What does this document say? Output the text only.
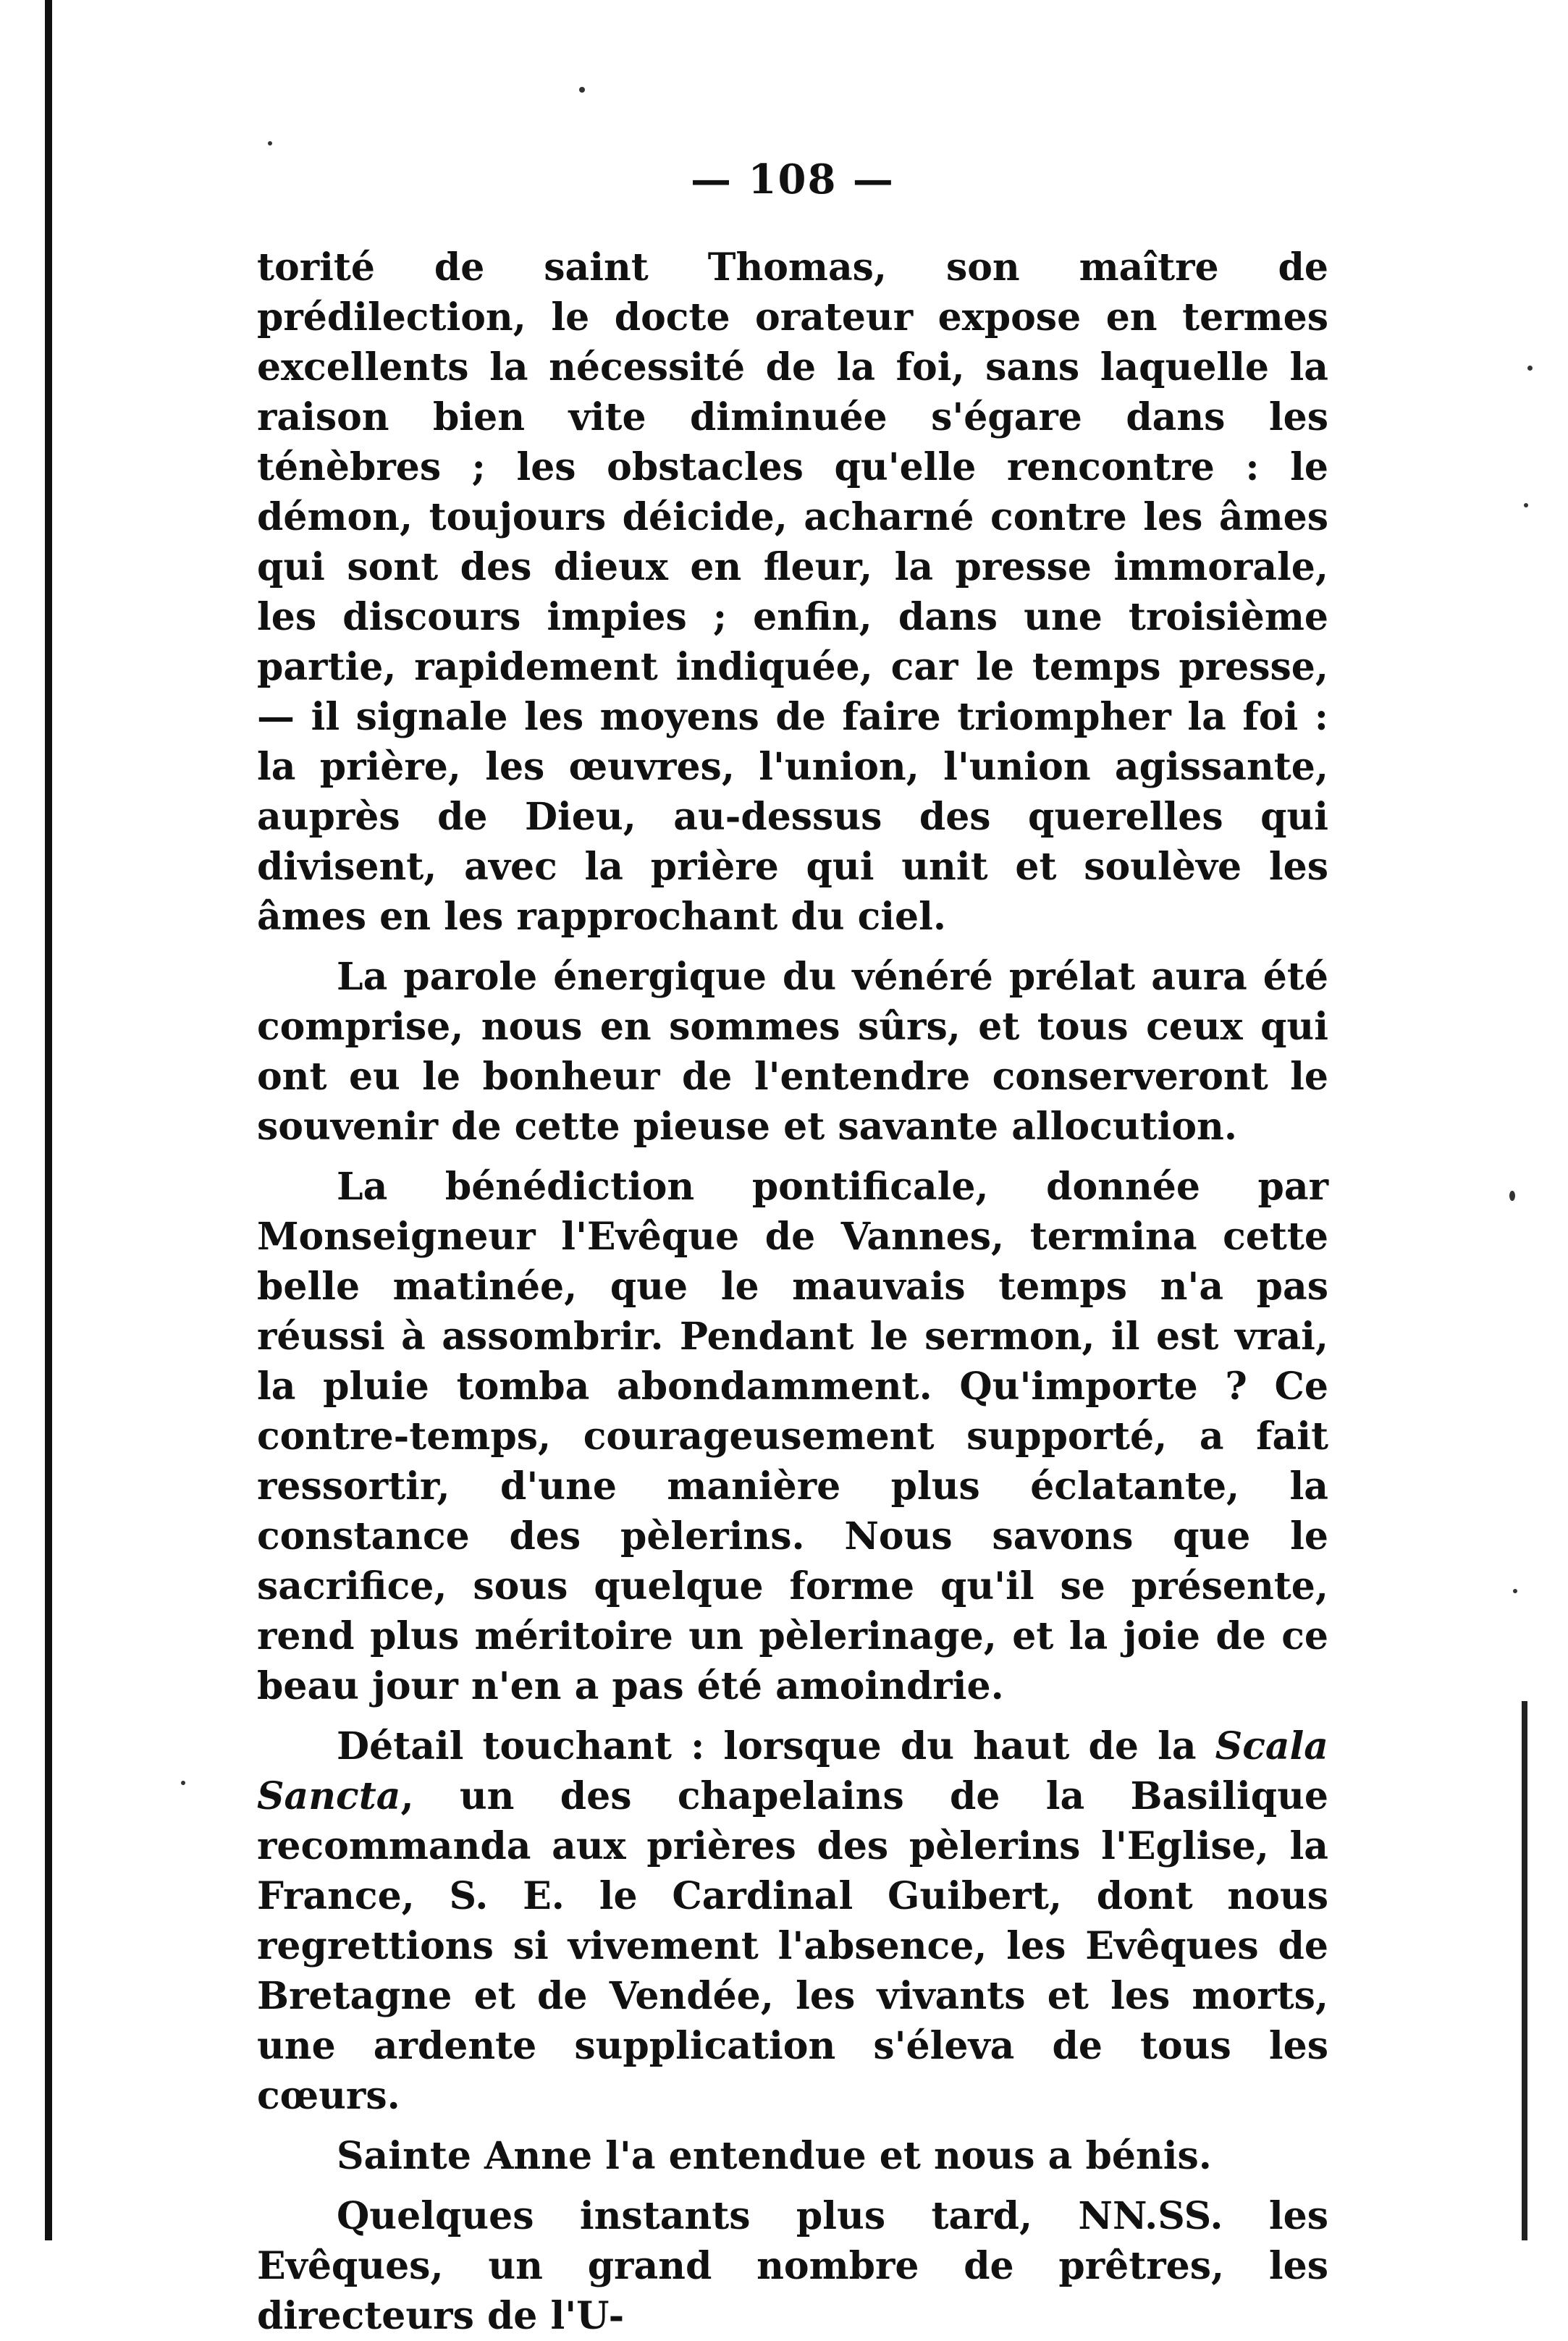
— 108 —

torité de saint Thomas, son maître de prédilection, le docte orateur expose en termes excellents la nécessité de la foi, sans laquelle la raison bien vite diminuée s'égare dans les ténèbres ; les obstacles qu'elle rencontre : le démon, toujours déicide, acharné contre les âmes qui sont des dieux en fleur, la presse immorale, les discours impies ; enfin, dans une troisième partie, rapidement indiquée, car le temps presse, — il signale les moyens de faire triompher la foi : la prière, les œuvres, l'union, l'union agissante, auprès de Dieu, au-dessus des querelles qui divisent, avec la prière qui unit et soulève les âmes en les rapprochant du ciel.

La parole énergique du vénéré prélat aura été comprise, nous en sommes sûrs, et tous ceux qui ont eu le bonheur de l'entendre conserveront le souvenir de cette pieuse et savante allocution.

La bénédiction pontificale, donnée par Monseigneur l'Evêque de Vannes, termina cette belle matinée, que le mauvais temps n'a pas réussi à assombrir. Pendant le sermon, il est vrai, la pluie tomba abondamment. Qu'importe ? Ce contre-temps, courageusement supporté, a fait ressortir, d'une manière plus éclatante, la constance des pèlerins. Nous savons que le sacrifice, sous quelque forme qu'il se présente, rend plus méritoire un pèlerinage, et la joie de ce beau jour n'en a pas été amoindrie.

Détail touchant : lorsque du haut de la Scala Sancta, un des chapelains de la Basilique recommanda aux prières des pèlerins l'Eglise, la France, S. E. le Cardinal Guibert, dont nous regrettions si vivement l'absence, les Evêques de Bretagne et de Vendée, les vivants et les morts, une ardente supplication s'éleva de tous les cœurs.

Sainte Anne l'a entendue et nous a bénis.

Quelques instants plus tard, NN.SS. les Evêques, un grand nombre de prêtres, les directeurs de l'U-
